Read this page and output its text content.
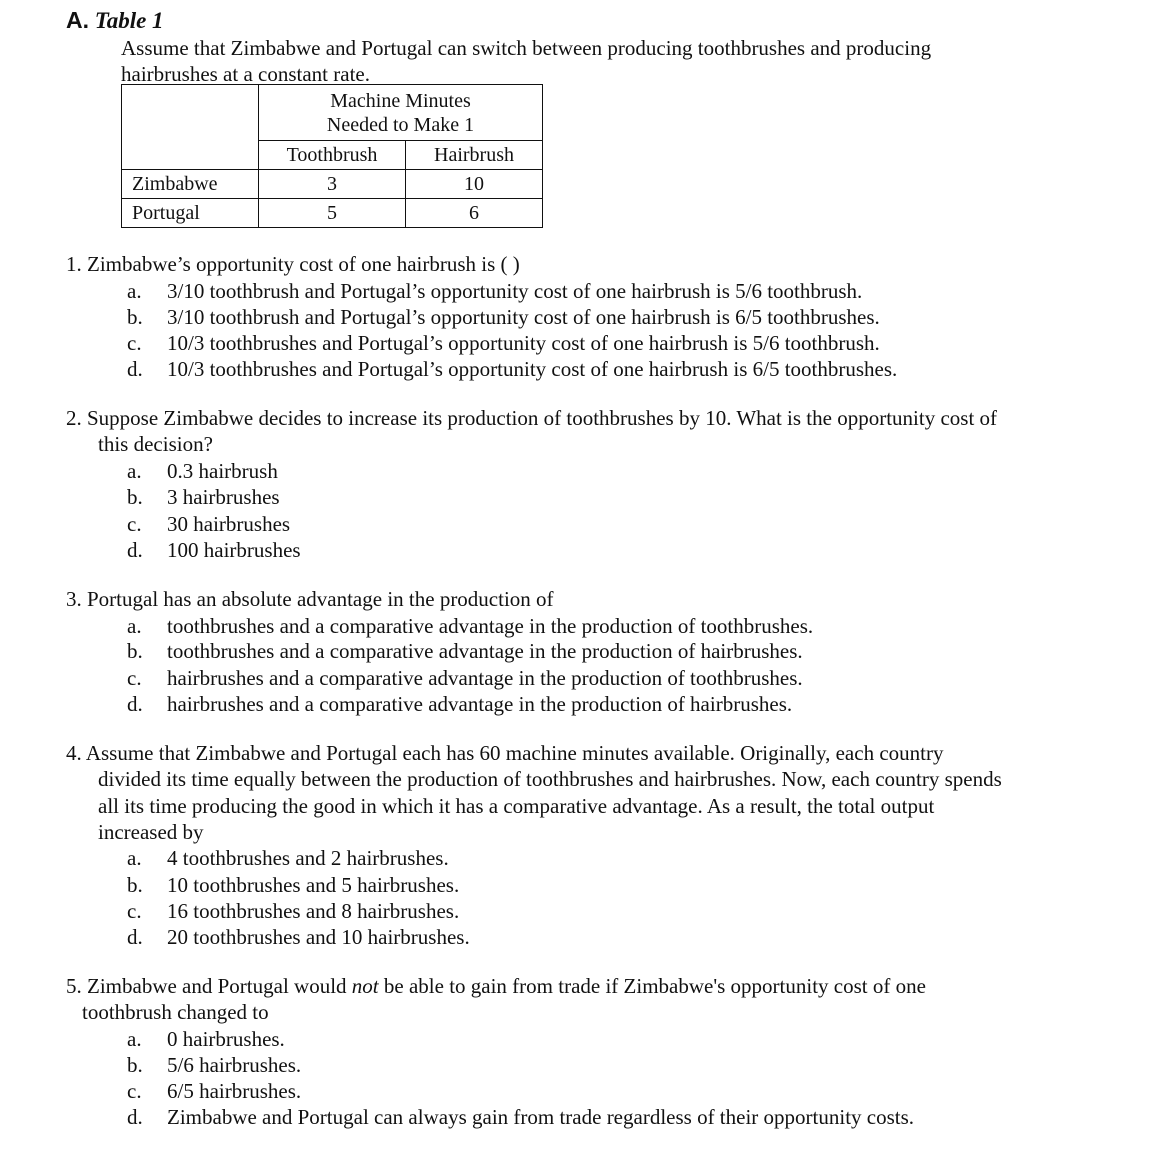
A. Table 1
Assume that Zimbabwe and Portugal can switch between producing toothbrushes and producing
hairbrushes at a constant rate.

	Machine Minutes
Needed to Make 1	

	Toothbrush	Hairbrush
Zimbabwe	3	10
Portugal	5	6
1. Zimbabwe’s opportunity cost of one hairbrush is ( )
a. 3/10 toothbrush and Portugal’s opportunity cost of one hairbrush is 5/6 toothbrush.
b. 3/10 toothbrush and Portugal’s opportunity cost of one hairbrush is 6/5 toothbrushes.
c. 10/3 toothbrushes and Portugal’s opportunity cost of one hairbrush is 5/6 toothbrush.
d. 10/3 toothbrushes and Portugal’s opportunity cost of one hairbrush is 6/5 toothbrushes.
2. Suppose Zimbabwe decides to increase its production of toothbrushes by 10. What is the opportunity cost of
this decision?
a. 0.3 hairbrush
b. 3 hairbrushes
c. 30 hairbrushes
d. 100 hairbrushes
3. Portugal has an absolute advantage in the production of
a. toothbrushes and a comparative advantage in the production of toothbrushes.
b. toothbrushes and a comparative advantage in the production of hairbrushes.
c. hairbrushes and a comparative advantage in the production of toothbrushes.
d. hairbrushes and a comparative advantage in the production of hairbrushes.
4. Assume that Zimbabwe and Portugal each has 60 machine minutes available. Originally, each country
divided its time equally between the production of toothbrushes and hairbrushes. Now, each country spends
all its time producing the good in which it has a comparative advantage. As a result, the total output
increased by
a. 4 toothbrushes and 2 hairbrushes.
b. 10 toothbrushes and 5 hairbrushes.
c. 16 toothbrushes and 8 hairbrushes.
d. 20 toothbrushes and 10 hairbrushes.
5. Zimbabwe and Portugal would not be able to gain from trade if Zimbabwe's opportunity cost of one
toothbrush changed to
a. 0 hairbrushes.
b. 5/6 hairbrushes.
c. 6/5 hairbrushes.
d. Zimbabwe and Portugal can always gain from trade regardless of their opportunity costs.
